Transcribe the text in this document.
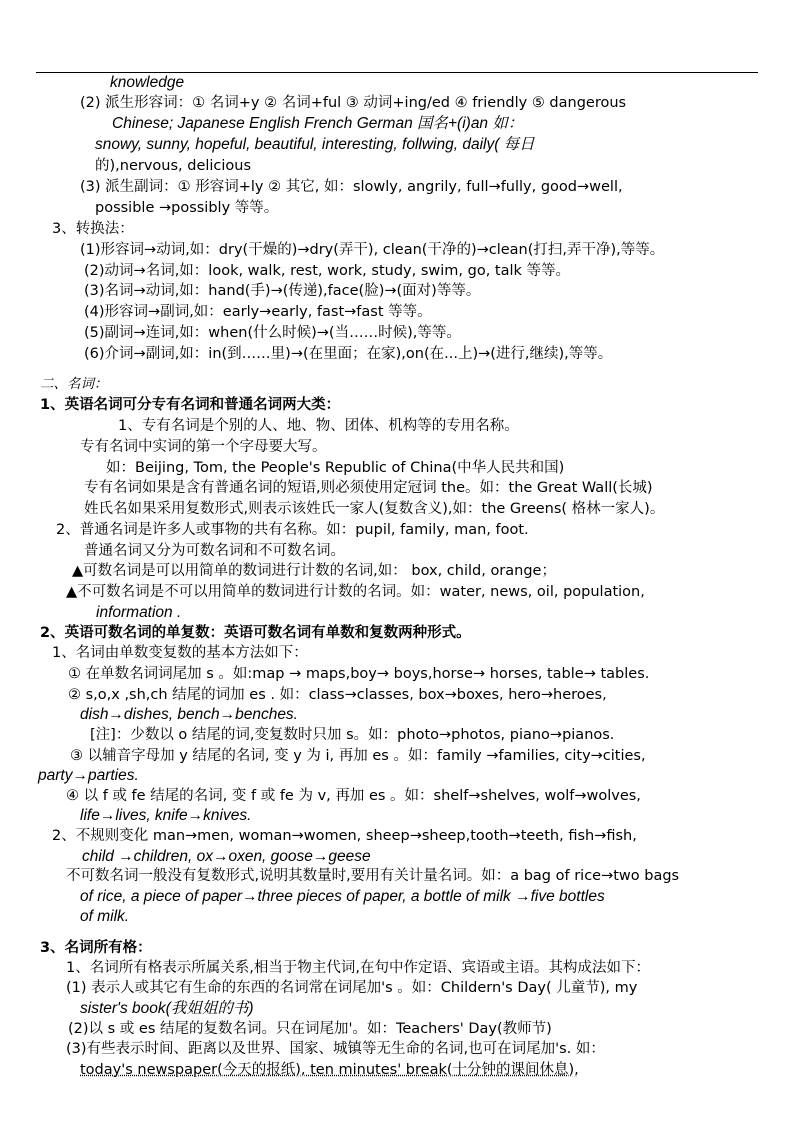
knowledge
(2) 派生形容词：① 名词+y ② 名词+ful ③ 动词+ing/ed ④ friendly ⑤ dangerous
Chinese; Japanese English French German 国名+(i)an 如：
snowy, sunny, hopeful, beautiful, interesting, follwing, daily( 每日
的),nervous, delicious
(3) 派生副词：① 形容词+ly ② 其它, 如：slowly, angrily, full→fully, good→well,
possible →possibly 等等。
3、转换法：
(1)形容词→动词,如：dry(干燥的)→dry(弄干), clean(干净的)→clean(打扫,弄干净),等等。
(2)动词→名词,如：look, walk, rest, work, study, swim, go, talk 等等。
(3)名词→动词,如：hand(手)→(传递),face(脸)→(面对)等等。
(4)形容词→副词,如：early→early, fast→fast 等等。
(5)副词→连词,如：when(什么时候)→(当……时候),等等。
(6)介词→副词,如：in(到……里)→(在里面；在家),on(在...上)→(进行,继续),等等。
二、名词：
1、英语名词可分专有名词和普通名词两大类：
1、专有名词是个别的人、地、物、团体、机构等的专用名称。
专有名词中实词的第一个字母要大写。
如：Beijing, Tom, the People's Republic of China(中华人民共和国)
专有名词如果是含有普通名词的短语,则必须使用定冠词 the。如：the Great Wall(长城)
姓氏名如果采用复数形式,则表示该姓氏一家人(复数含义),如：the Greens( 格林一家人)。
2、普通名词是许多人或事物的共有名称。如：pupil, family, man, foot.
普通名词又分为可数名词和不可数名词。
▲可数名词是可以用简单的数词进行计数的名词,如： box, child, orange；
▲不可数名词是不可以用简单的数词进行计数的名词。如：water, news, oil, population,
information .
2、英语可数名词的单复数：英语可数名词有单数和复数两种形式。
1、名词由单数变复数的基本方法如下：
① 在单数名词词尾加 s 。如:map → maps,boy→ boys,horse→ horses, table→ tables.
② s,o,x ,sh,ch 结尾的词加 es . 如：class→classes, box→boxes, hero→heroes,
dish→dishes, bench→benches.
[注]：少数以 o 结尾的词,变复数时只加 s。如：photo→photos, piano→pianos.
③ 以辅音字母加 y 结尾的名词, 变 y 为 i, 再加 es 。如：family →families, city→cities,
party→parties.
④ 以 f 或 fe 结尾的名词, 变 f 或 fe 为 v, 再加 es 。如：shelf→shelves, wolf→wolves,
life→lives, knife→knives.
2、不规则变化 man→men, woman→women, sheep→sheep,tooth→teeth, fish→fish,
child →children, ox→oxen, goose→geese
不可数名词一般没有复数形式,说明其数量时,要用有关计量名词。如：a bag of rice→two bags
of rice, a piece of paper→three pieces of paper, a bottle of milk →five bottles
of milk.
3、名词所有格：
1、名词所有格表示所属关系,相当于物主代词,在句中作定语、宾语或主语。其构成法如下：
(1) 表示人或其它有生命的东西的名词常在词尾加's 。如：Childern's Day( 儿童节), my
sister's book(我姐姐的书)
(2)以 s 或 es 结尾的复数名词。只在词尾加'。如：Teachers' Day(教师节)
(3)有些表示时间、距离以及世界、国家、城镇等无生命的名词,也可在词尾加's. 如：
today's newspaper(今天的报纸), ten minutes' break(十分钟的课间休息),
